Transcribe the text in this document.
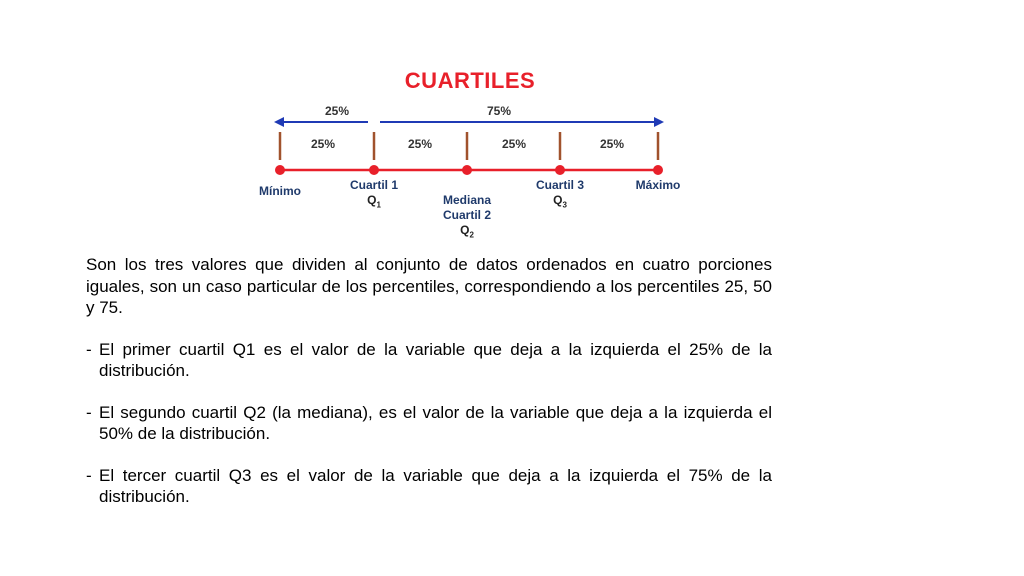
CUARTILES
25%	75%
25%	25%	25%	25%
Mínimo	Cuartil 1
$Q_1$	Mediana
Cuartil 2

$Q_2$

Cuartil 3
$Q_3$
Máximo

Son los tres valores que dividen al conjunto de datos ordenados en cuatro porciones iguales, son un caso particular de los percentiles, correspondiendo a los percentiles 25, 50 y 75.

- El primer cuartil Q1 es el valor de la variable que deja a la izquierda el 25% de la distribución.

- El segundo cuartil Q2 (la mediana), es el valor de la variable que deja a la izquierda el 50% de la distribución.

- El tercer cuartil Q3 es el valor de la variable que deja a la izquierda el 75% de la distribución.
